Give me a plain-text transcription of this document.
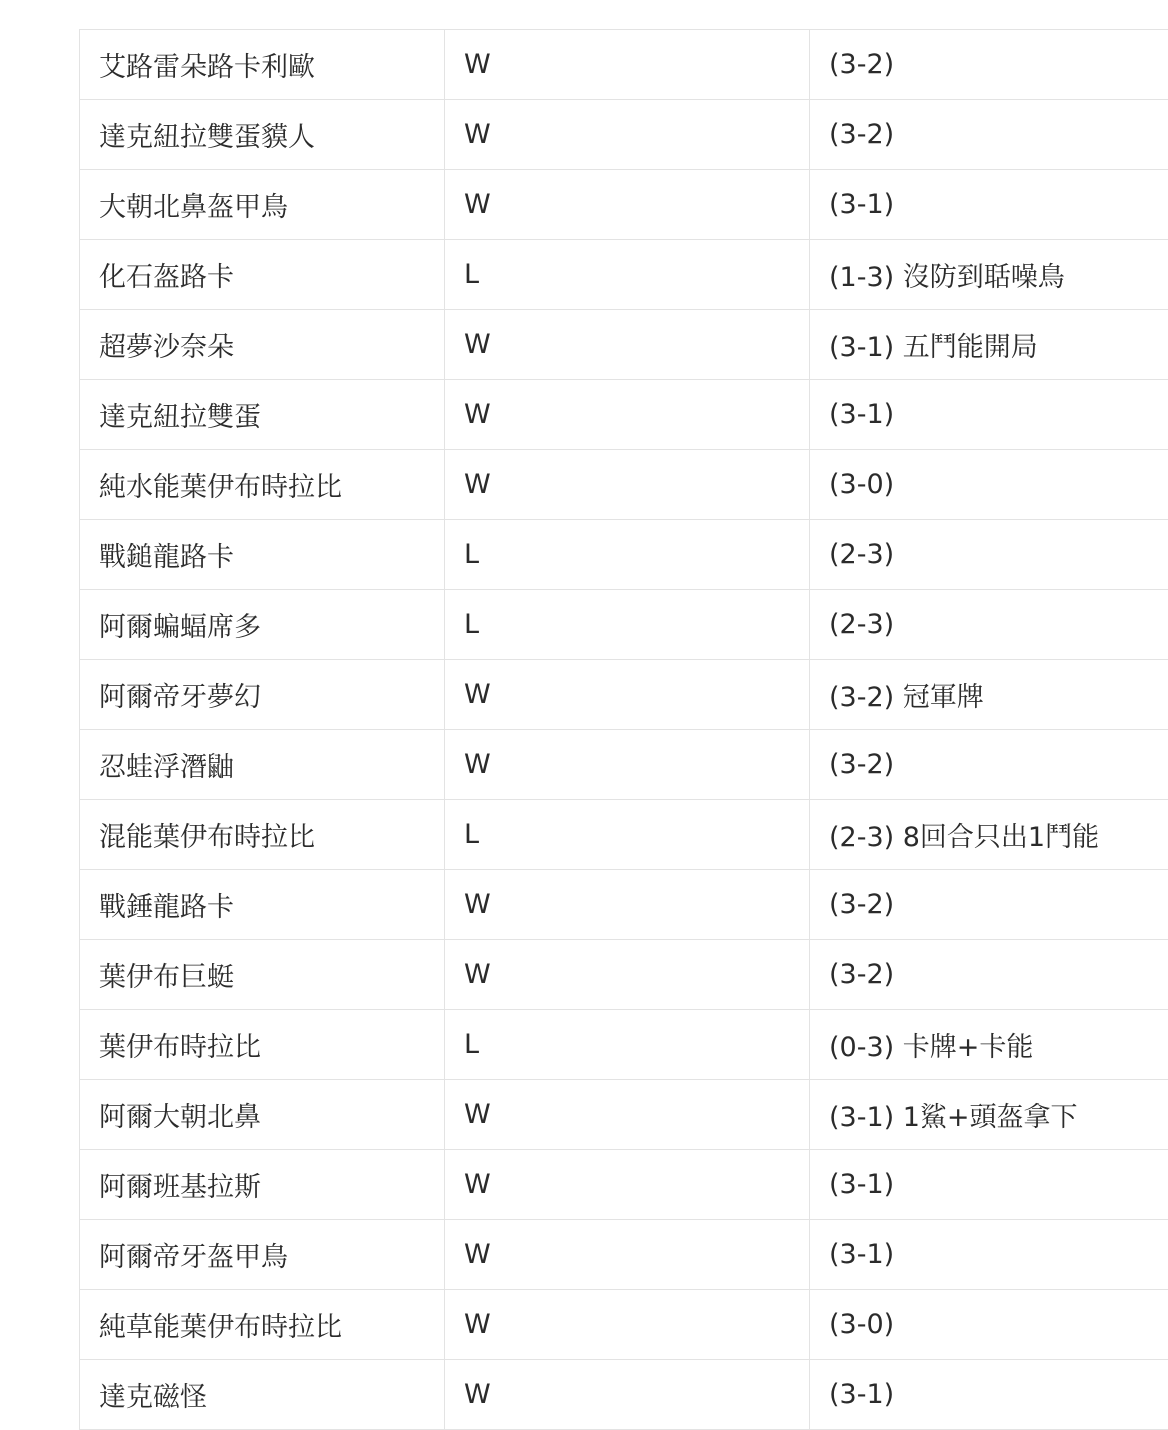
艾路雷朵路卡利歐	W	(3-2)
達克紐拉雙蛋貘人	W	(3-2)
大朝北鼻盔甲鳥	W	(3-1)
化石盔路卡	L	(1-3) 沒防到聒噪鳥
超夢沙奈朵	W	(3-1) 五鬥能開局
達克紐拉雙蛋	W	(3-1)
純水能葉伊布時拉比	W	(3-0)
戰鎚龍路卡	L	(2-3)
阿爾蝙蝠席多	L	(2-3)
阿爾帝牙夢幻	W	(3-2) 冠軍牌
忍蛙浮潛鼬	W	(3-2)
混能葉伊布時拉比	L	(2-3) 8回合只出1鬥能
戰錘龍路卡	W	(3-2)
葉伊布巨蜓	W	(3-2)
葉伊布時拉比	L	(0-3) 卡牌+卡能
阿爾大朝北鼻	W	(3-1) 1鯊+頭盔拿下
阿爾班基拉斯	W	(3-1)
阿爾帝牙盔甲鳥	W	(3-1)
純草能葉伊布時拉比	W	(3-0)
達克磁怪	W	(3-1)
